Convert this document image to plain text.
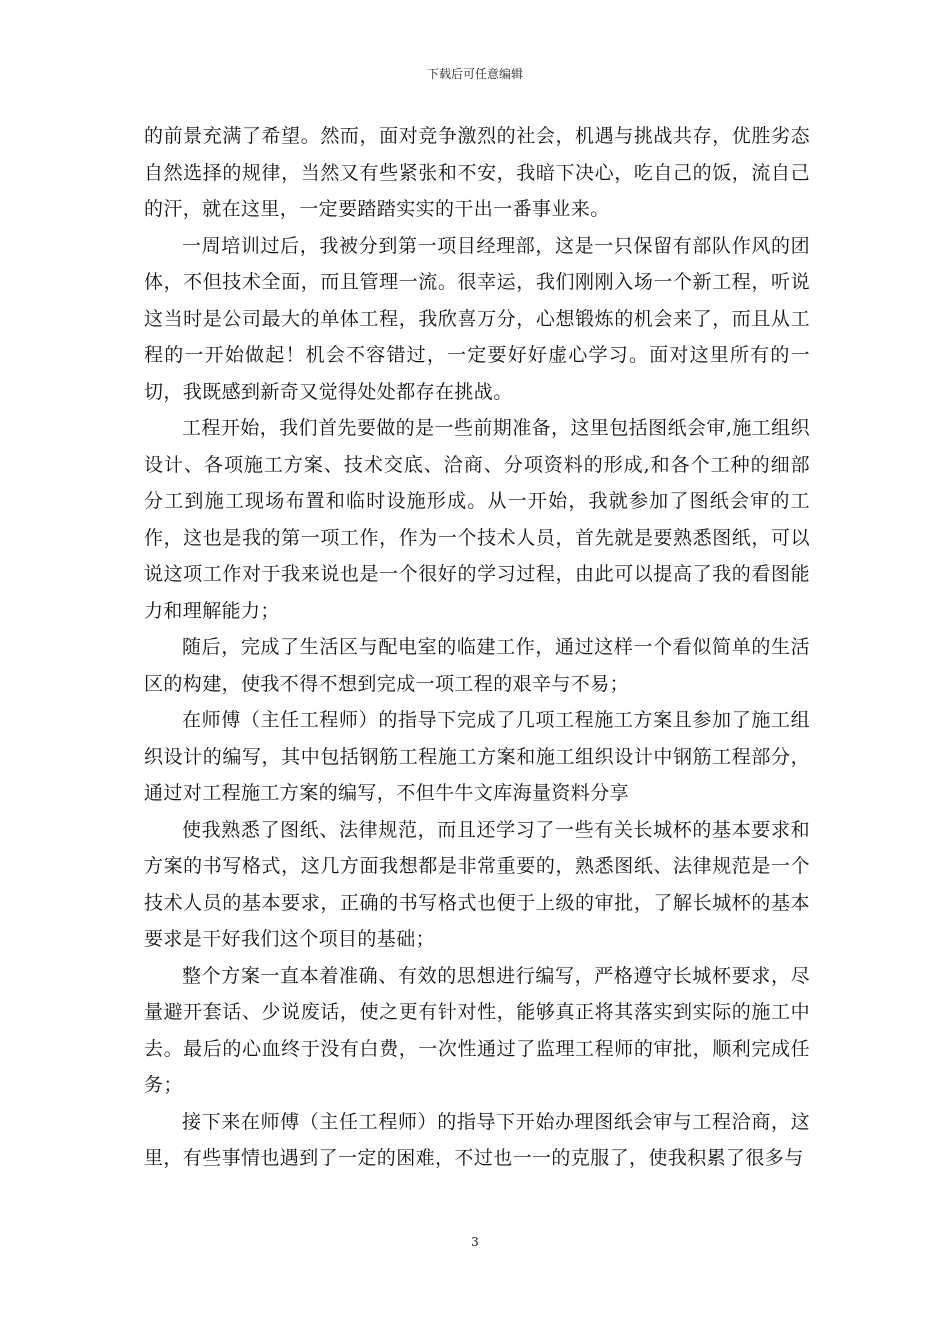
下载后可任意编辑

的前景充满了希望。然而，面对竞争激烈的社会，机遇与挑战共存，优胜劣态自然选择的规律，当然又有些紧张和不安，我暗下决心，吃自己的饭，流自己的汗，就在这里，一定要踏踏实实的干出一番事业来。

一周培训过后，我被分到第一项目经理部，这是一只保留有部队作风的团体，不但技术全面，而且管理一流。很幸运，我们刚刚入场一个新工程，听说这当时是公司最大的单体工程，我欣喜万分，心想锻炼的机会来了，而且从工程的一开始做起！机会不容错过，一定要好好虚心学习。面对这里所有的一切，我既感到新奇又觉得处处都存在挑战。

工程开始，我们首先要做的是一些前期准备，这里包括图纸会审,施工组织设计、各项施工方案、技术交底、洽商、分项资料的形成,和各个工种的细部分工到施工现场布置和临时设施形成。从一开始，我就参加了图纸会审的工作，这也是我的第一项工作，作为一个技术人员，首先就是要熟悉图纸，可以说这项工作对于我来说也是一个很好的学习过程，由此可以提高了我的看图能力和理解能力；

随后，完成了生活区与配电室的临建工作，通过这样一个看似简单的生活区的构建，使我不得不想到完成一项工程的艰辛与不易；

在师傅（主任工程师）的指导下完成了几项工程施工方案且参加了施工组织设计的编写，其中包括钢筋工程施工方案和施工组织设计中钢筋工程部分，通过对工程施工方案的编写，不但牛牛文库海量资料分享

使我熟悉了图纸、法律规范，而且还学习了一些有关长城杯的基本要求和方案的书写格式，这几方面我想都是非常重要的，熟悉图纸、法律规范是一个技术人员的基本要求，正确的书写格式也便于上级的审批，了解长城杯的基本要求是干好我们这个项目的基础；

整个方案一直本着准确、有效的思想进行编写，严格遵守长城杯要求，尽量避开套话、少说废话，使之更有针对性，能够真正将其落实到实际的施工中去。最后的心血终于没有白费，一次性通过了监理工程师的审批，顺利完成任务；

接下来在师傅（主任工程师）的指导下开始办理图纸会审与工程洽商，这里，有些事情也遇到了一定的困难，不过也一一的克服了，使我积累了很多与

3
